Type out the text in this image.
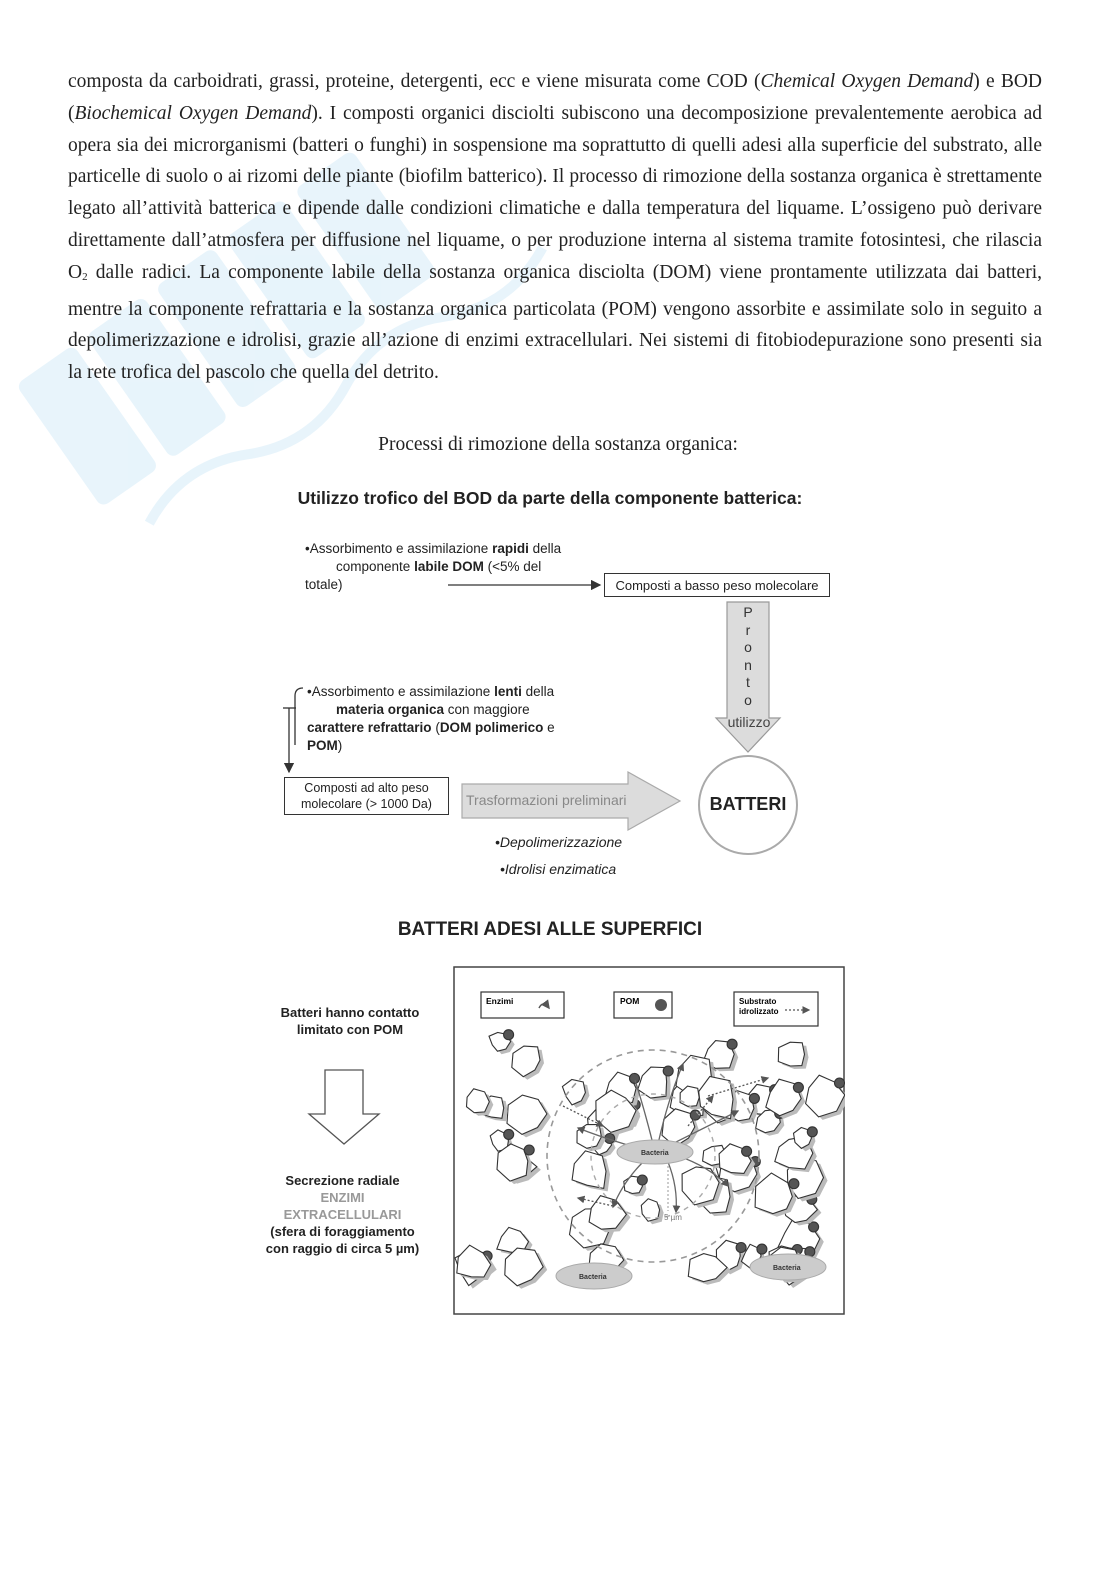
composta da carboidrati, grassi, proteine, detergenti, ecc e viene misurata come COD (Chemical Oxygen Demand) e BOD (Biochemical Oxygen Demand). I composti organici disciolti subiscono una decomposizione prevalentemente aerobica ad opera sia dei microrganismi (batteri o funghi) in sospensione ma soprattutto di quelli adesi alla superficie del substrato, alle particelle di suolo o ai rizomi delle piante (biofilm batterico). Il processo di rimozione della sostanza organica è strettamente legato all’attività batterica e dipende dalle condizioni climatiche e dalla temperatura del liquame. L’ossigeno può derivare direttamente dall’atmosfera per diffusione nel liquame, o per produzione interna al sistema tramite fotosintesi, che rilascia $O_2$ dalle radici. La componente labile della sostanza organica disciolta (DOM) viene prontamente utilizzata dai batteri, mentre la componente refrattaria e la sostanza organica particolata (POM) vengono assorbite e assimilate solo in seguito a depolimerizzazione e idrolisi, grazie all’azione di enzimi extracellulari. Nei sistemi di fitobiodepurazione sono presenti sia la rete trofica del pascolo che quella del detrito.
Processi di rimozione della sostanza organica:
Utilizzo trofico del BOD da parte della componente batterica:
•Assorbimento e assimilazione rapidi della
componente labile DOM (<5% del
totale)	Composti a basso peso molecolare
P
r
o
n
t
o
utilizzo
•Assorbimento e assimilazione lenti della
materia organica con maggiore
carattere refrattario (DOM polimerico e
POM)
Composti ad alto peso
molecolare (> 1000 Da) Trasformazioni preliminari	BATTERI
•Depolimerizzazione
•Idrolisi enzimatica
BATTERI ADESI ALLE SUPERFICI
Batteri hanno contatto
limitato con POM
Secrezione radiale
ENZIMI
EXTRACELLULARI
(sfera di foraggiamento
con raggio di circa 5 µm)
Enzimi	POM	Substrato
idrolizzato
5 µm
Bacteria
Bacteria
Bacteria
